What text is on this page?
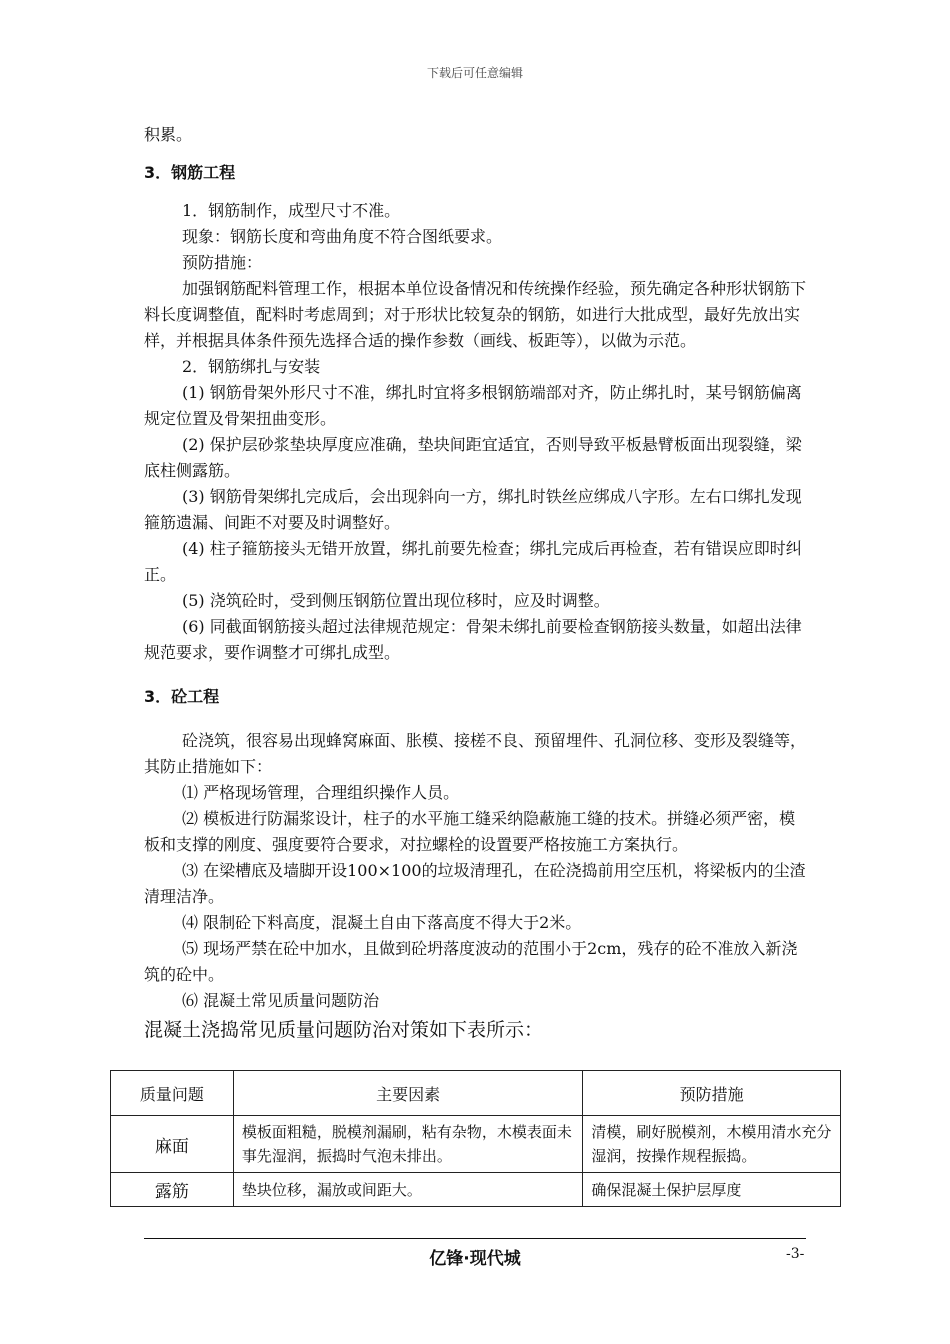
下载后可任意编辑

积累。

3．钢筋工程

1．钢筋制作，成型尺寸不准。

现象：钢筋长度和弯曲角度不符合图纸要求。

预防措施：

加强钢筋配料管理工作，根据本单位设备情况和传统操作经验，预先确定各种形状钢筋下料长度调整值，配料时考虑周到；对于形状比较复杂的钢筋，如进行大批成型，最好先放出实样，并根据具体条件预先选择合适的操作参数（画线、板距等），以做为示范。

2．钢筋绑扎与安装

(1) 钢筋骨架外形尺寸不准，绑扎时宜将多根钢筋端部对齐，防止绑扎时，某号钢筋偏离规定位置及骨架扭曲变形。

(2) 保护层砂浆垫块厚度应准确，垫块间距宜适宜，否则导致平板悬臂板面出现裂缝，梁底柱侧露筋。

(3) 钢筋骨架绑扎完成后，会出现斜向一方，绑扎时铁丝应绑成八字形。左右口绑扎发现箍筋遗漏、间距不对要及时调整好。

(4) 柱子箍筋接头无错开放置，绑扎前要先检查；绑扎完成后再检查，若有错误应即时纠正。

(5) 浇筑砼时，受到侧压钢筋位置出现位移时，应及时调整。

(6) 同截面钢筋接头超过法律规范规定：骨架未绑扎前要检查钢筋接头数量，如超出法律规范要求，要作调整才可绑扎成型。

3．砼工程

砼浇筑，很容易出现蜂窝麻面、胀模、接槎不良、预留埋件、孔洞位移、变形及裂缝等，其防止措施如下：

⑴ 严格现场管理，合理组织操作人员。

⑵ 模板进行防漏浆设计，柱子的水平施工缝采纳隐蔽施工缝的技术。拼缝必须严密，模板和支撑的刚度、强度要符合要求，对拉螺栓的设置要严格按施工方案执行。

⑶ 在梁槽底及墙脚开设100×100的垃圾清理孔，在砼浇捣前用空压机，将梁板内的尘渣清理洁净。

⑷ 限制砼下料高度，混凝土自由下落高度不得大于2米。

⑸ 现场严禁在砼中加水，且做到砼坍落度波动的范围小于2cm，残存的砼不准放入新浇筑的砼中。

⑹ 混凝土常见质量问题防治

混凝土浇捣常见质量问题防治对策如下表所示：

质量问题	主要因素	预防措施
麻面	模板面粗糙，脱模剂漏刷，粘有杂物，木模表面未事先湿润，振捣时气泡未排出。	清模，刷好脱模剂，木模用清水充分湿润，按操作规程振捣。
露筋	垫块位移，漏放或间距大。	确保混凝土保护层厚度
亿锋·现代城	-3-
